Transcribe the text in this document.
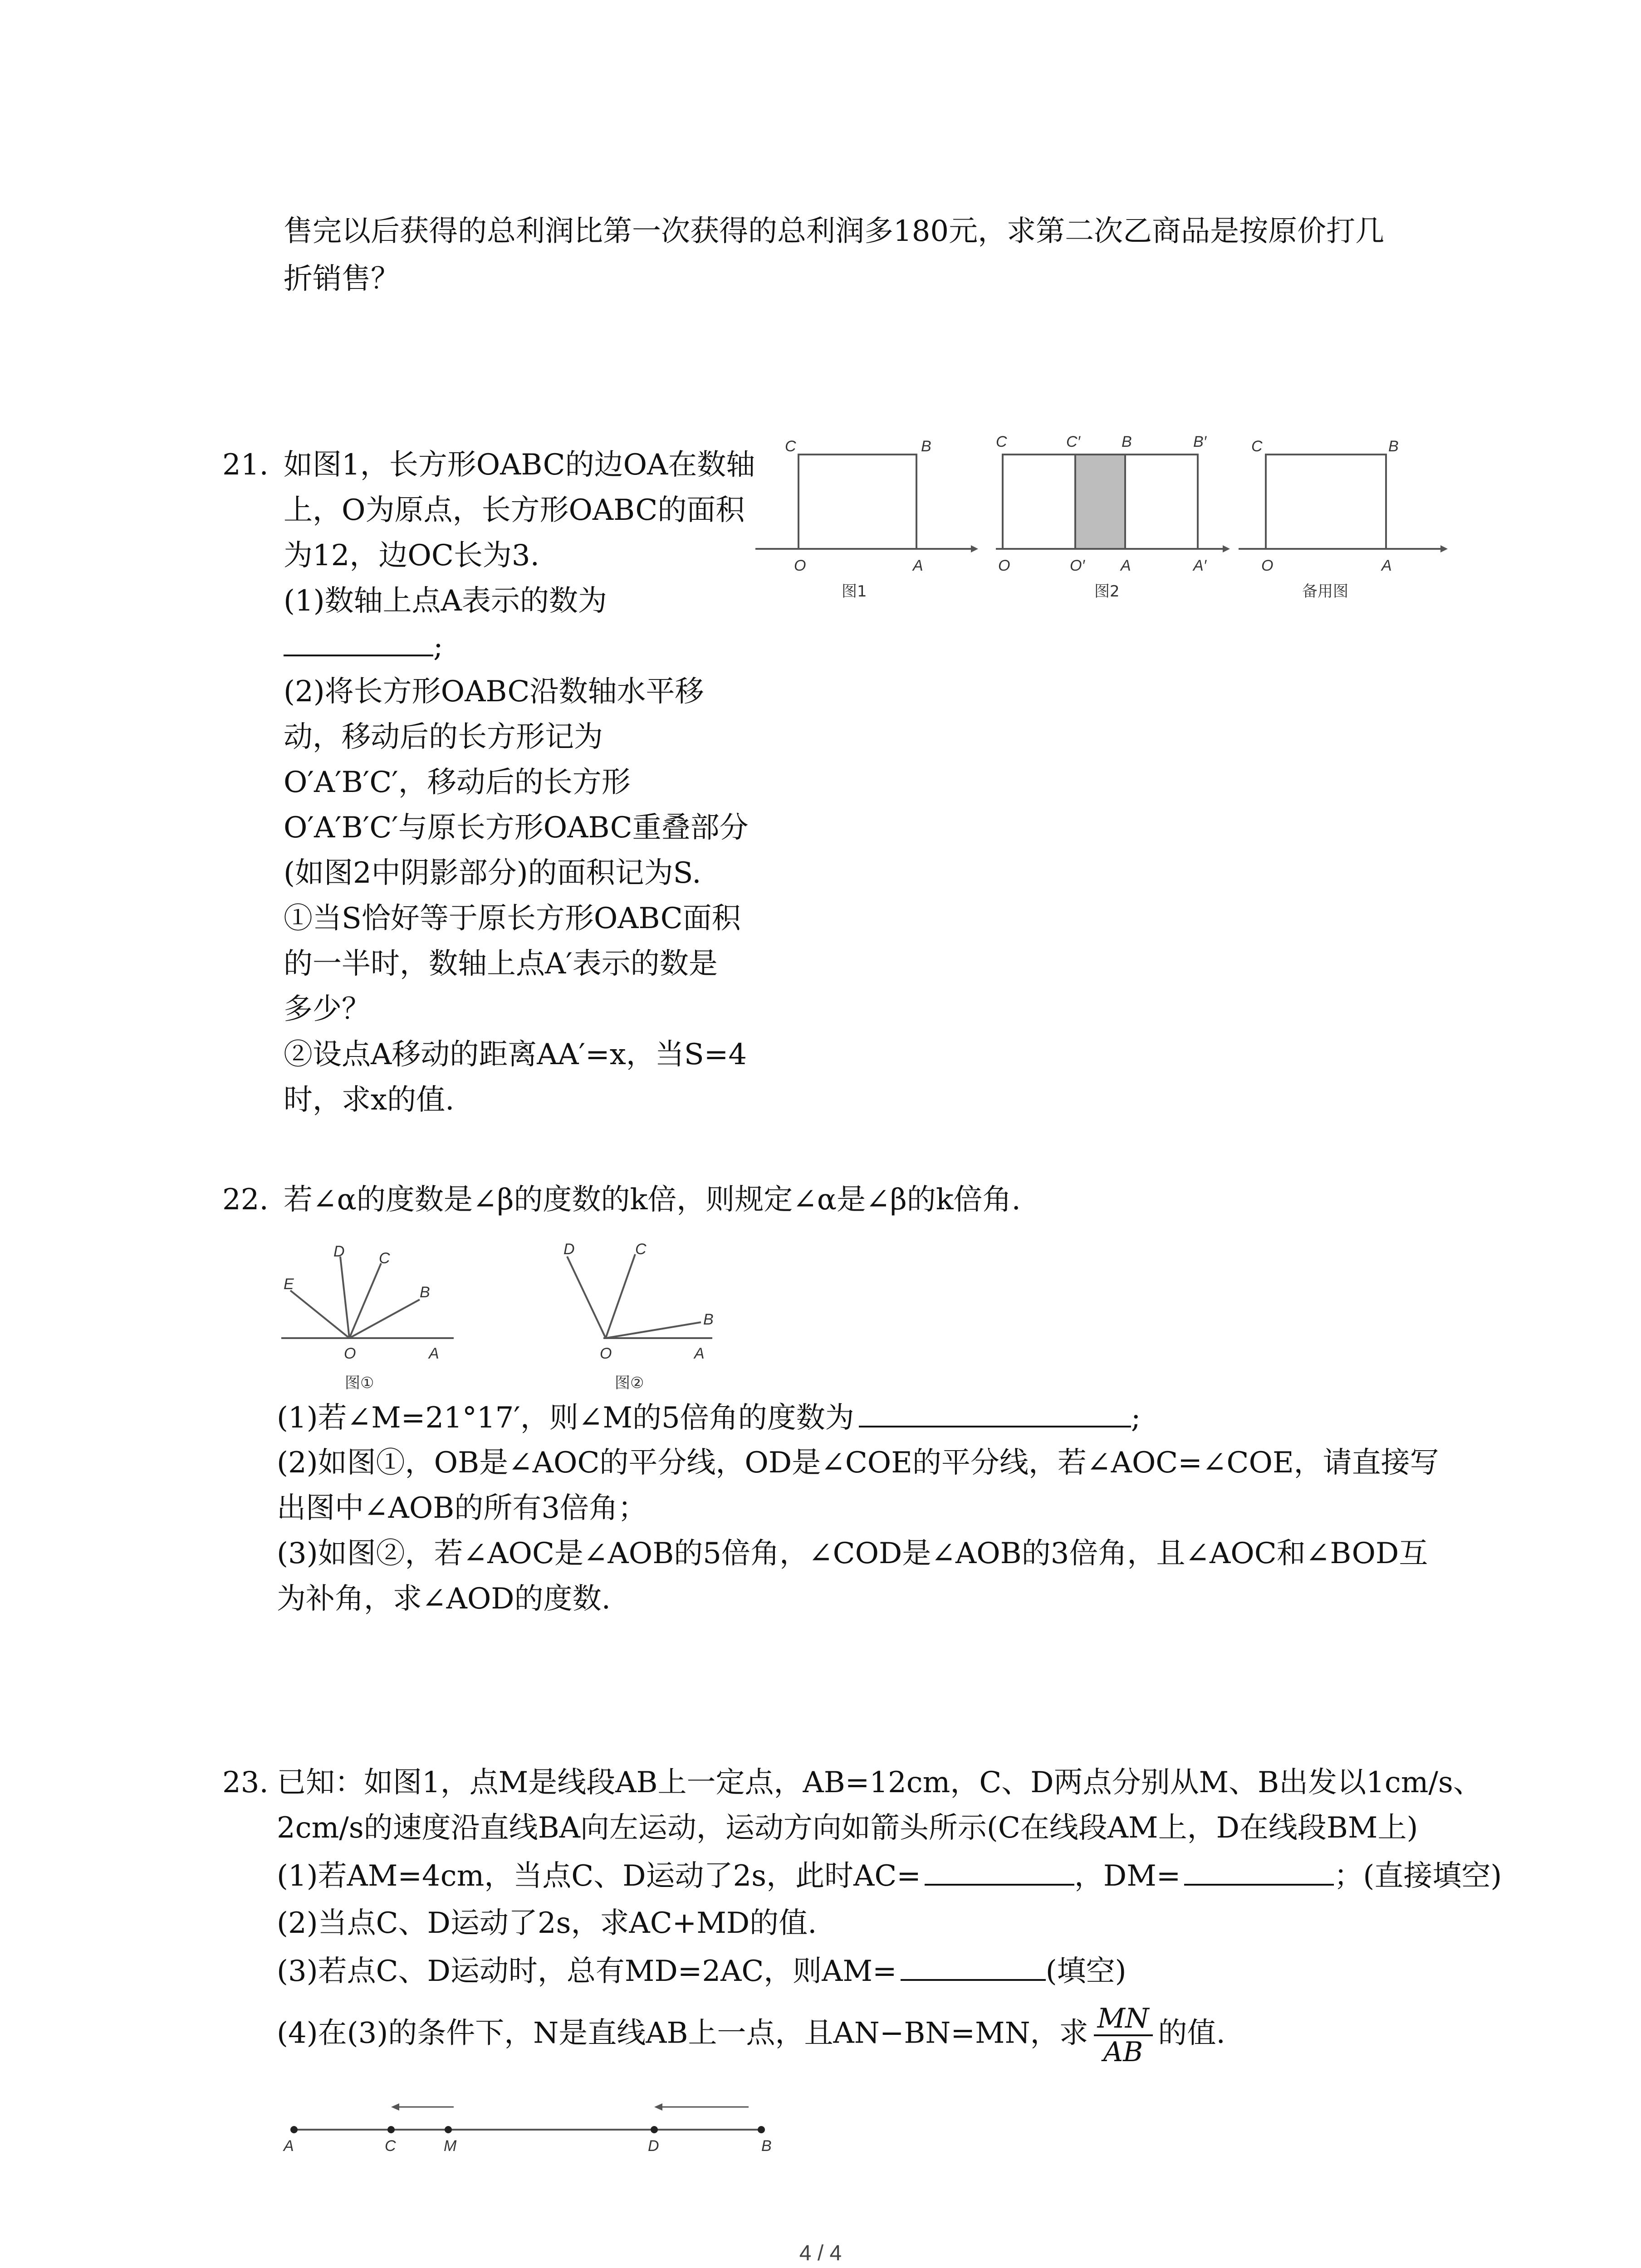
售完以后获得的总利润比第一次获得的总利润多180元，求第二次乙商品是按原价打几
折销售？
21. 如图1，长方形OABC的边OA在数轴
上，O为原点，长方形OABC的面积
为12，边OC长为3.
(1)数轴上点A表示的数为
;
(2)将长方形OABC沿数轴水平移
动，移动后的长方形记为
O′A′B′C′，移动后的长方形
O′A′B′C′与原长方形OABC重叠部分
(如图2中阴影部分)的面积记为S.
①当S恰好等于原长方形OABC面积
的一半时，数轴上点A′表示的数是
多少？
②设点A移动的距离AA′=x，当S=4
时，求x的值.
C	B
O	A
图1
C	C′	B	B′
O	O′ A	A′
图2
C	B
O	A
备用图
22. 若∠α的度数是∠β的度数的k倍，则规定∠α是∠β的k倍角.
D C
E	B
O	A
图①
D	C
B
O	A
图②
(1)若∠M=21°17′，则∠M的5倍角的度数为	;
(2)如图①，OB是∠AOC的平分线，OD是∠COE的平分线，若∠AOC=∠COE，请直接写
出图中∠AOB的所有3倍角；
(3)如图②，若∠AOC是∠AOB的5倍角，∠COD是∠AOB的3倍角，且∠AOC和∠BOD互
为补角，求∠AOD的度数.
23. 已知：如图1，点M是线段AB上一定点，AB=12cm，C、D两点分别从M、B出发以1cm/s、
2cm/s的速度沿直线BA向左运动，运动方向如箭头所示(C在线段AM上，D在线段BM上)
(1)若AM=4cm，当点C、D运动了2s，此时AC=	，DM=	；(直接填空)
(2)当点C、D运动了2s，求AC+MD的值.
(3)若点C、D运动时，总有MD=2AC，则AM=	(填空)
(4)在(3)的条件下，N是直线AB上一点，且AN−BN=MN，求 $\frac{MN}{AB}$ 的值.
A	C	M	D	B
4 / 4
